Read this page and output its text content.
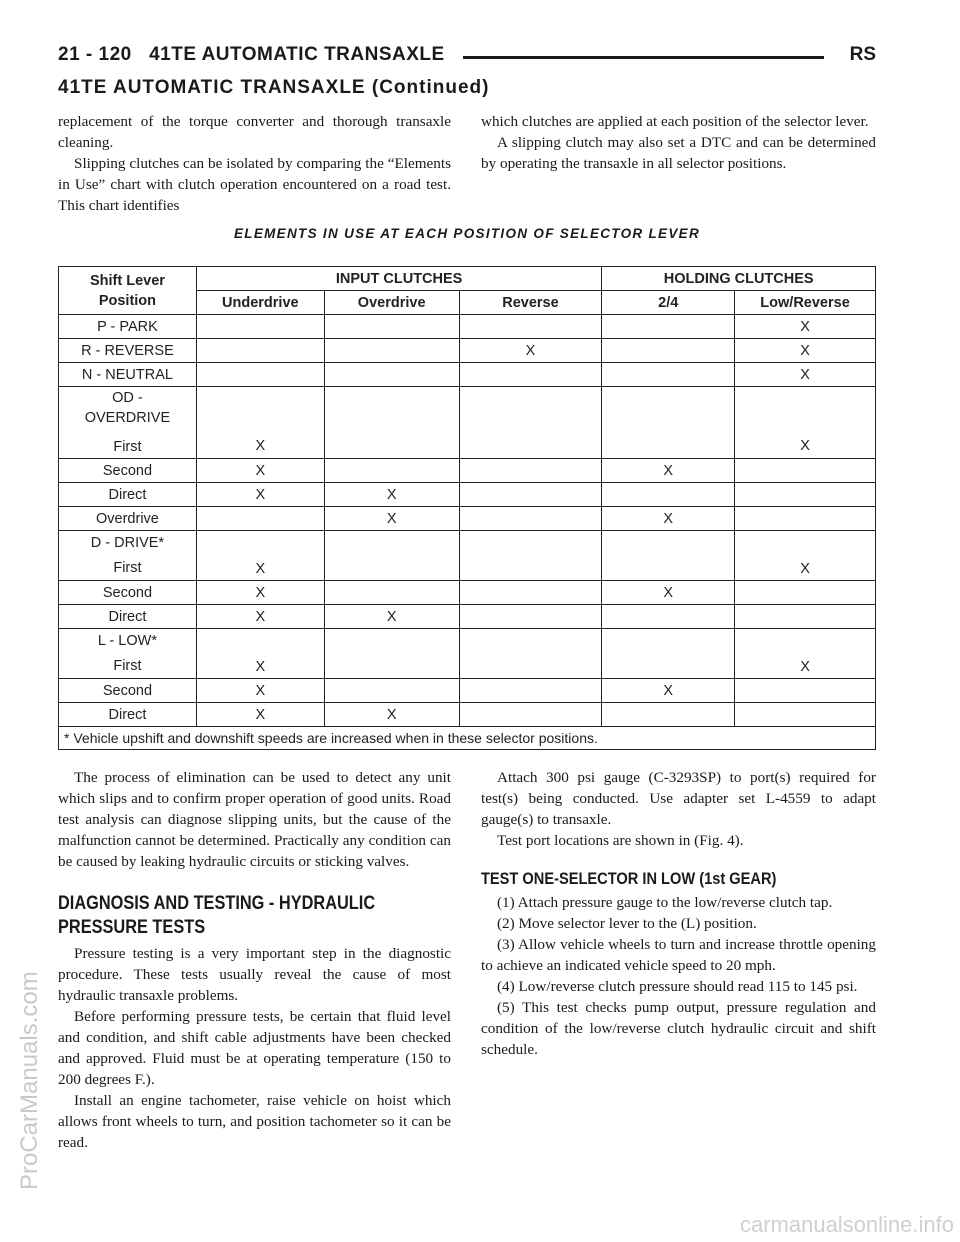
21 - 120 41TE AUTOMATIC TRANSAXLE	RS
41TE AUTOMATIC TRANSAXLE (Continued)

replacement of the torque converter and thorough transaxle cleaning.

Slipping clutches can be isolated by comparing the “Elements in Use” chart with clutch operation encountered on a road test. This chart identifies

which clutches are applied at each position of the selector lever.

A slipping clutch may also set a DTC and can be determined by operating the transaxle in all selector positions.

ELEMENTS IN USE AT EACH POSITION OF SELECTOR LEVER
Shift Lever
Position	INPUT CLUTCHES			HOLDING CLUTCHES	
	Underdrive	Overdrive	Reverse	2/4	Low/Reverse
P - PARK					X
R - REVERSE			X		X
N - NEUTRAL					X

OD -
OVERDRIVE
First	X				X
Second	X			X	
Direct	X	X			
Overdrive		X		X	

D - DRIVE*
First	X				X
Second	X			X	
Direct	X	X			

L - LOW*
First	X				X
Second	X			X	
Direct	X	X			
* Vehicle upshift and downshift speeds are increased when in these selector positions.					

The process of elimination can be used to detect any unit which slips and to confirm proper operation of good units. Road test analysis can diagnose slipping units, but the cause of the malfunction cannot be determined. Practically any condition can be caused by leaking hydraulic circuits or sticking valves.

DIAGNOSIS AND TESTING - HYDRAULIC

PRESSURE TESTS

Pressure testing is a very important step in the diagnostic procedure. These tests usually reveal the cause of most hydraulic transaxle problems.

Before performing pressure tests, be certain that fluid level and condition, and shift cable adjustments have been checked and approved. Fluid must be at operating temperature (150 to 200 degrees F.).

Install an engine tachometer, raise vehicle on hoist which allows front wheels to turn, and position tachometer so it can be read.

Attach 300 psi gauge (C-3293SP) to port(s) required for test(s) being conducted. Use adapter set L-4559 to adapt gauge(s) to transaxle.

Test port locations are shown in (Fig. 4).

TEST ONE-SELECTOR IN LOW (1st GEAR)

(1) Attach pressure gauge to the low/reverse clutch tap.

(2) Move selector lever to the (L) position.

(3) Allow vehicle wheels to turn and increase throttle opening to achieve an indicated vehicle speed to 20 mph.

(4) Low/reverse clutch pressure should read 115 to 145 psi.

(5) This test checks pump output, pressure regulation and condition of the low/reverse clutch hydraulic circuit and shift schedule.

ProCarManuals.com
carmanualsonline.info
